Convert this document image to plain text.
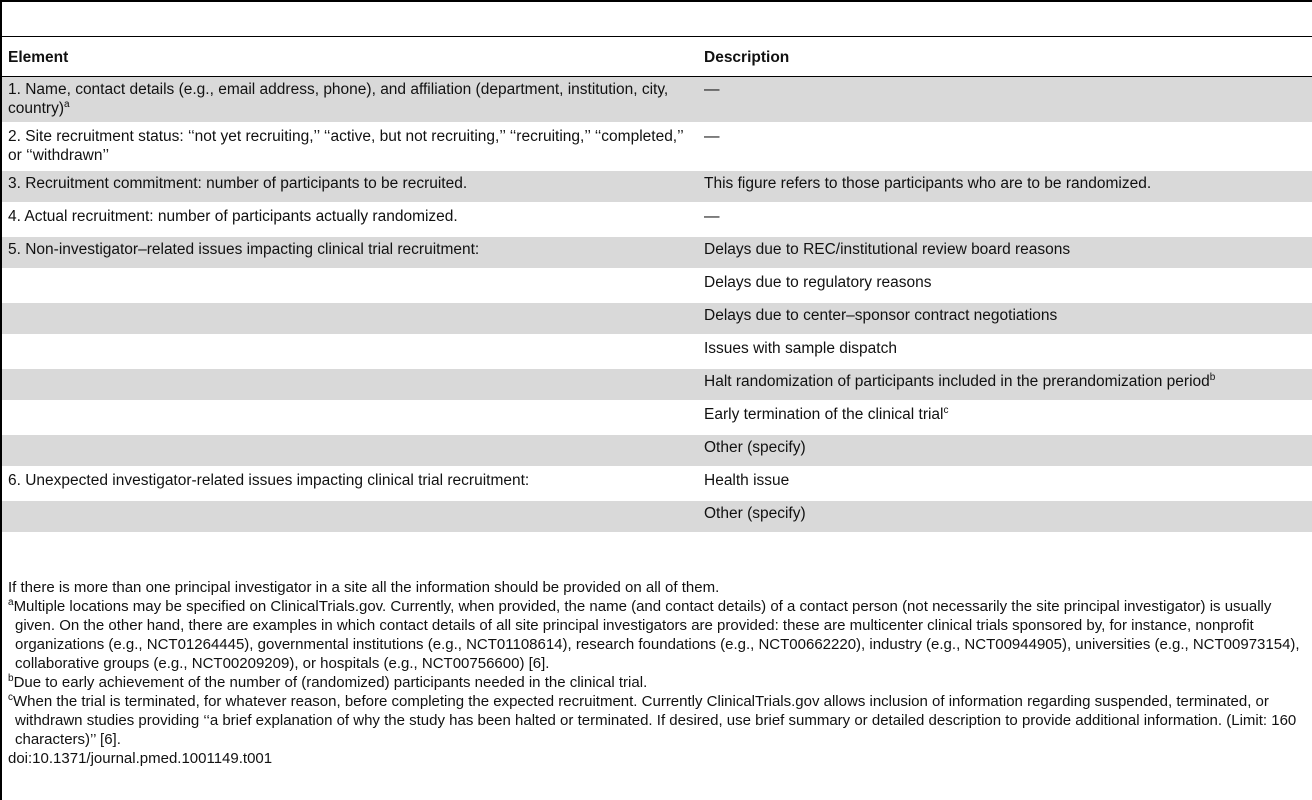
Element	Description
1. Name, contact details (e.g., email address, phone), and affiliation (department, institution, city, country)$^a$	—

2. Site recruitment status: ‘‘not yet recruiting,’’ ‘‘active, but not recruiting,’’ ‘‘recruiting,’’ ‘‘completed,’’ or ‘‘withdrawn’’	—

3. Recruitment commitment: number of participants to be recruited.	This figure refers to those participants who are to be randomized.

4. Actual recruitment: number of participants actually randomized.	—

5. Non-investigator–related issues impacting clinical trial recruitment:	Delays due to REC/institutional review board reasons

	Delays due to regulatory reasons

	Delays due to center–sponsor contract negotiations

	Issues with sample dispatch

	Halt randomization of participants included in the prerandomization period$^b$

	Early termination of the clinical trial$^c$

	Other (specify)

6. Unexpected investigator-related issues impacting clinical trial recruitment:	Health issue

	Other (specify)

If there is more than one principal investigator in a site all the information should be provided on all of them.

$^a$Multiple locations may be specified on ClinicalTrials.gov. Currently, when provided, the name (and contact details) of a contact person (not necessarily the site principal investigator) is usually given. On the other hand, there are examples in which contact details of all site principal investigators are provided: these are multicenter clinical trials sponsored by, for instance, nonprofit organizations (e.g., NCT01264445), governmental institutions (e.g., NCT01108614), research foundations (e.g., NCT00662220), industry (e.g., NCT00944905), universities (e.g., NCT00973154), collaborative groups (e.g., NCT00209209), or hospitals (e.g., NCT00756600) [6].

$^b$Due to early achievement of the number of (randomized) participants needed in the clinical trial.

$^c$When the trial is terminated, for whatever reason, before completing the expected recruitment. Currently ClinicalTrials.gov allows inclusion of information regarding suspended, terminated, or withdrawn studies providing ‘‘a brief explanation of why the study has been halted or terminated. If desired, use brief summary or detailed description to provide additional information. (Limit: 160 characters)’’ [6].

doi:10.1371/journal.pmed.1001149.t001
